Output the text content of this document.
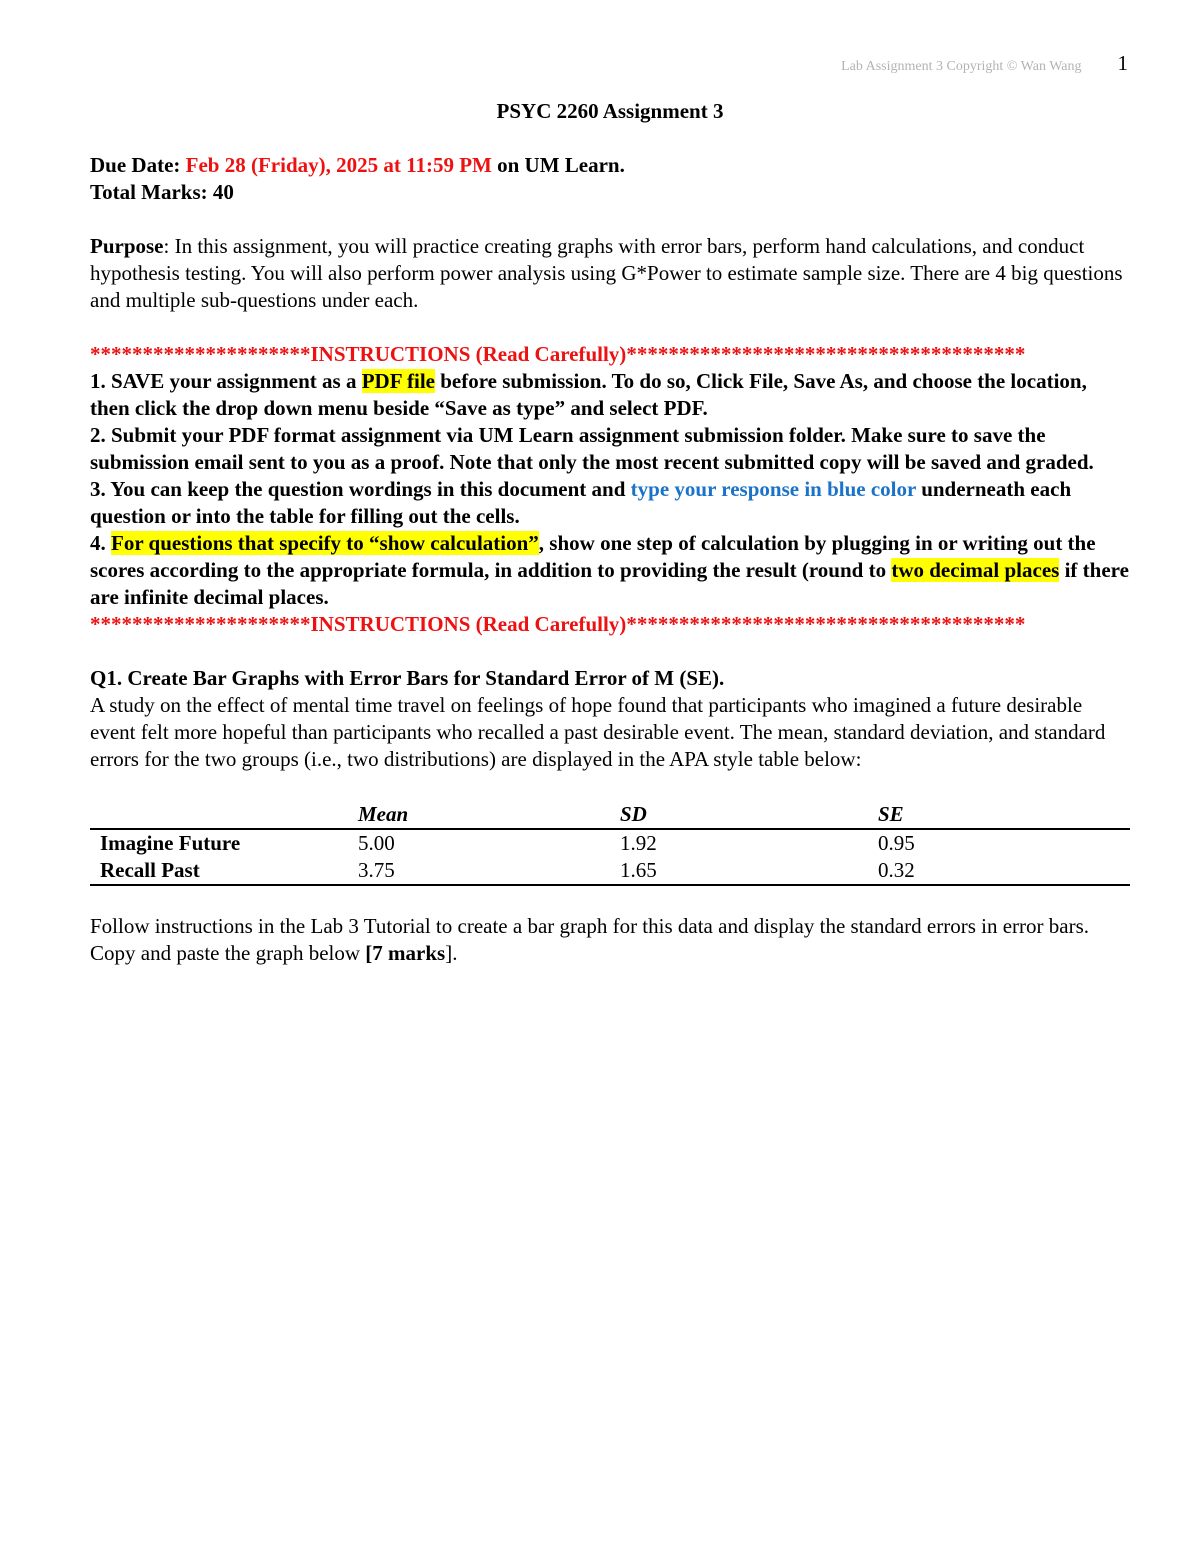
Lab Assignment 3 Copyright © Wan Wang 1

PSYC 2260 Assignment 3

Due Date: Feb 28 (Friday), 2025 at 11:59 PM on UM Learn.

Total Marks: 40

Purpose: In this assignment, you will practice creating graphs with error bars, perform hand calculations, and conduct hypothesis testing. You will also perform power analysis using G*Power to estimate sample size. There are 4 big questions and multiple sub-questions under each.

*********************INSTRUCTIONS (Read Carefully)**************************************

1. SAVE your assignment as a PDF file before submission. To do so, Click File, Save As, and choose the location, then click the drop down menu beside “Save as type” and select PDF.

2. Submit your PDF format assignment via UM Learn assignment submission folder. Make sure to save the submission email sent to you as a proof. Note that only the most recent submitted copy will be saved and graded.

3. You can keep the question wordings in this document and type your response in blue color underneath each question or into the table for filling out the cells.

4. For questions that specify to “show calculation”, show one step of calculation by plugging in or writing out the scores according to the appropriate formula, in addition to providing the result (round to two decimal places if there are infinite decimal places.

*********************INSTRUCTIONS (Read Carefully)**************************************

Q1. Create Bar Graphs with Error Bars for Standard Error of M (SE).

A study on the effect of mental time travel on feelings of hope found that participants who imagined a future desirable event felt more hopeful than participants who recalled a past desirable event. The mean, standard deviation, and standard errors for the two groups (i.e., two distributions) are displayed in the APA style table below:

	Mean	SD	SE
Imagine Future	5.00	1.92	0.95
Recall Past	3.75	1.65	0.32

Follow instructions in the Lab 3 Tutorial to create a bar graph for this data and display the standard errors in error bars. Copy and paste the graph below [7 marks].
